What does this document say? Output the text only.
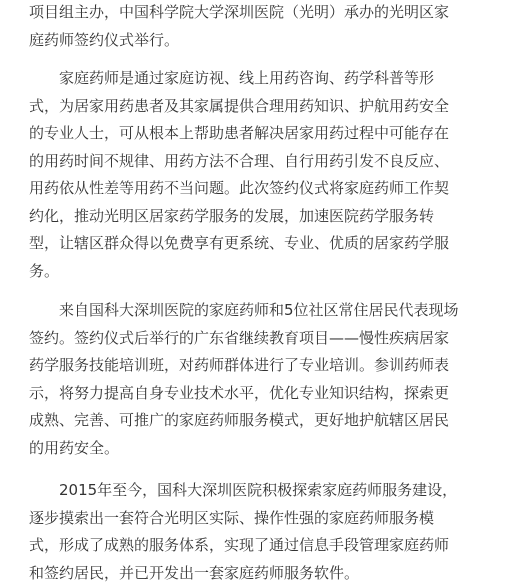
项目组主办，中国科学院大学深圳医院（光明）承办的光明区家
庭药师签约仪式举行。

家庭药师是通过家庭访视、线上用药咨询、药学科普等形
式，为居家用药患者及其家属提供合理用药知识、护航用药安全
的专业人士，可从根本上帮助患者解决居家用药过程中可能存在
的用药时间不规律、用药方法不合理、自行用药引发不良反应、
用药依从性差等用药不当问题。此次签约仪式将家庭药师工作契
约化，推动光明区居家药学服务的发展，加速医院药学服务转
型，让辖区群众得以免费享有更系统、专业、优质的居家药学服
务。

来自国科大深圳医院的家庭药师和5位社区常住居民代表现场
签约。签约仪式后举行的广东省继续教育项目——慢性疾病居家
药学服务技能培训班，对药师群体进行了专业培训。参训药师表
示，将努力提高自身专业技术水平，优化专业知识结构，探索更
成熟、完善、可推广的家庭药师服务模式，更好地护航辖区居民
的用药安全。

2015年至今，国科大深圳医院积极探索家庭药师服务建设，
逐步摸索出一套符合光明区实际、操作性强的家庭药师服务模
式，形成了成熟的服务体系，实现了通过信息手段管理家庭药师
和签约居民，并已开发出一套家庭药师服务软件。
